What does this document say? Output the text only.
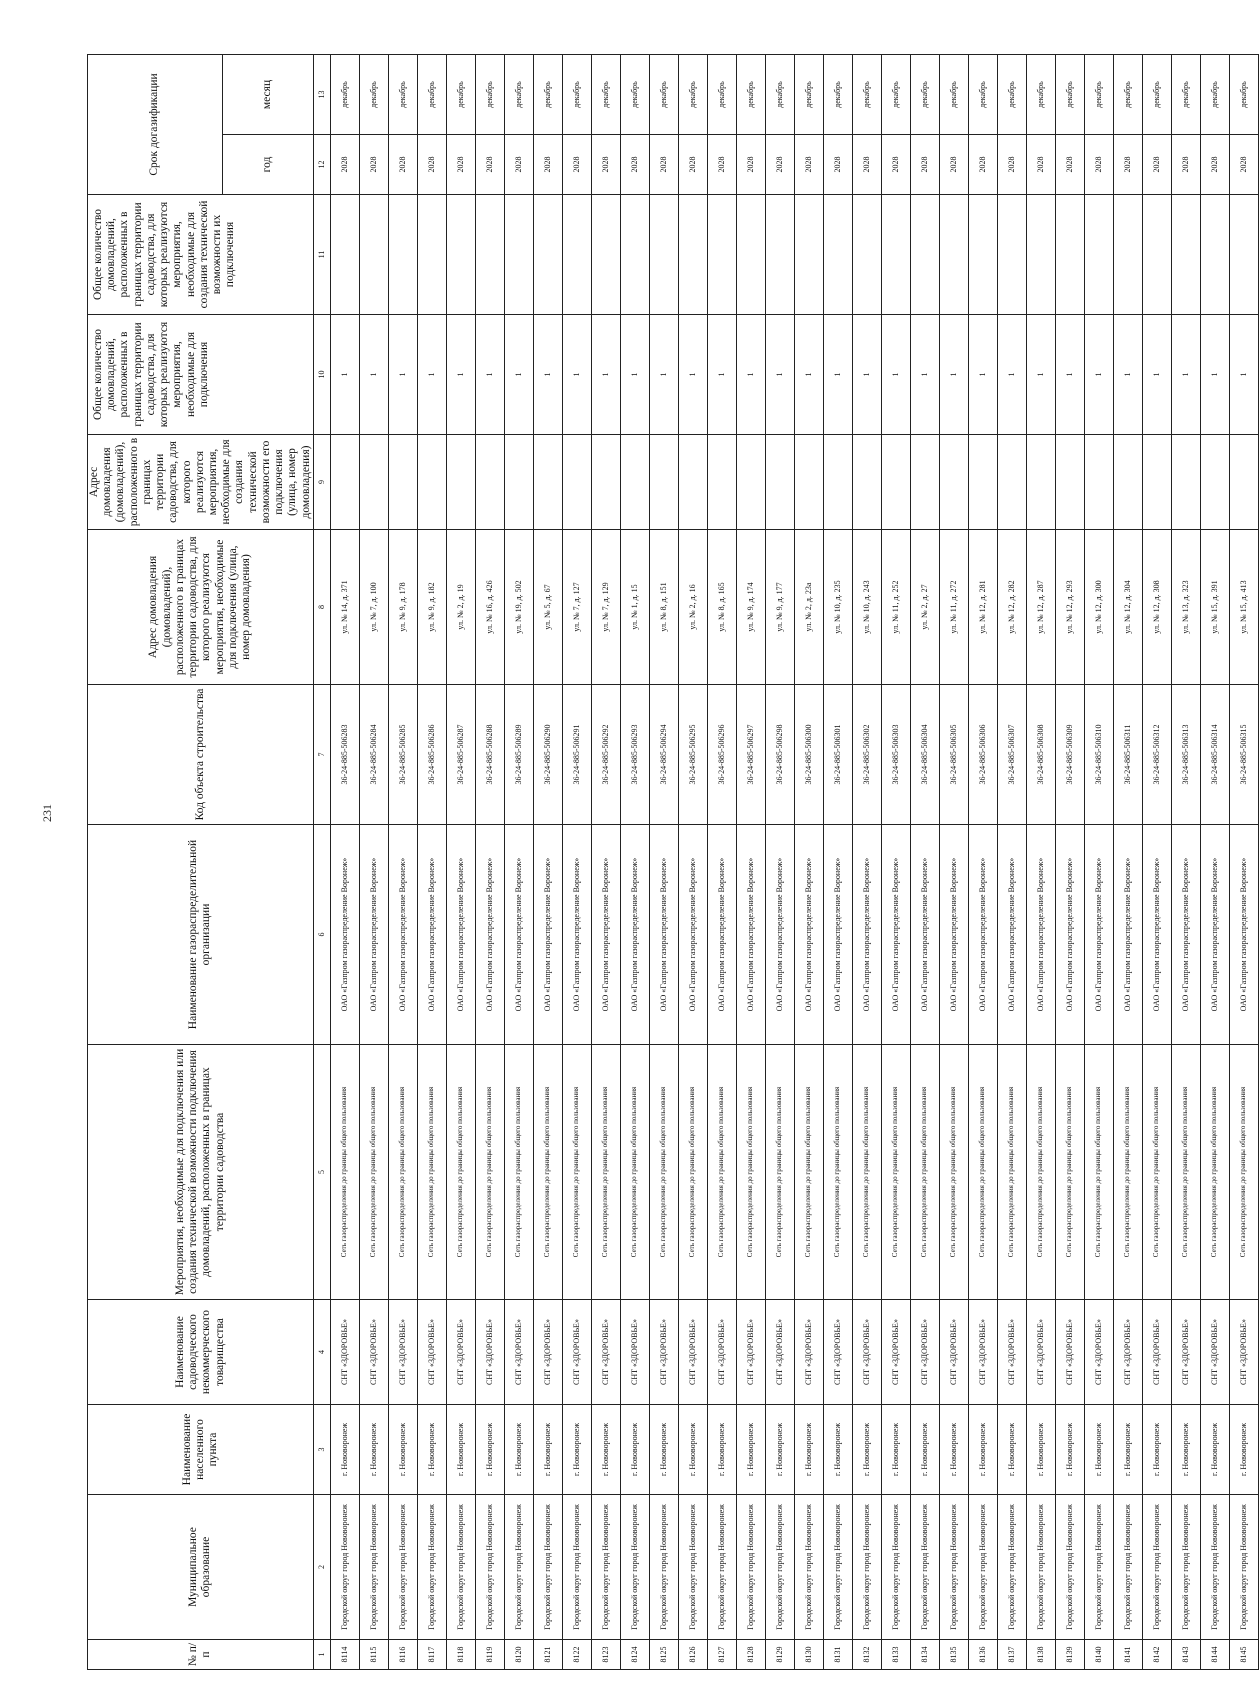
231
№ п/п	Муниципальное образование	Наименование населенного пункта	Наименование садоводческого некоммерческого товарищества	Мероприятия, необходимые для подключения или создания технической возможности подключения домовладений, расположенных в границах территории садоводства	Наименование газораспределительной организации	Код объекта строительства	Адрес домовладения (домовладений), расположенного в границах территории садоводства, для которого реализуются мероприятия, необходимые для подключения (улица, номер домовладения)	Адрес домовладения (домовладений), расположенного в границах территории садоводства, для которого реализуются мероприятия, необходимые для создания технической возможности его подключения (улица, номер домовладения)	Общее количество домовладений, расположенных в границах территории садоводства, для которых реализуются мероприятия, необходимые для подключения	Общее количество домовладений, расположенных в границах территории садоводства, для которых реализуются мероприятия, необходимые для создания технической возможности их подключения	Срок догазификации	
											год	месяц
1	2	3	4	5	6	7	8	9	10	11	12	13
8114	Городской округ город Нововоронеж	г. Нововоронеж	СНТ «ЗДОРОВЬЕ»	Сеть газораспределения до границы общего пользования	ОАО «Газпром газораспределение Воронеж»	36-24-885-506283	ул. № 14, д. 371		1		2028	декабрь
8115	Городской округ город Нововоронеж	г. Нововоронеж	СНТ «ЗДОРОВЬЕ»	Сеть газораспределения до границы общего пользования	ОАО «Газпром газораспределение Воронеж»	36-24-885-506284	ул. № 7, д. 100		1		2028	декабрь
8116	Городской округ город Нововоронеж	г. Нововоронеж	СНТ «ЗДОРОВЬЕ»	Сеть газораспределения до границы общего пользования	ОАО «Газпром газораспределение Воронеж»	36-24-885-506285	ул. № 9, д. 178		1		2028	декабрь
8117	Городской округ город Нововоронеж	г. Нововоронеж	СНТ «ЗДОРОВЬЕ»	Сеть газораспределения до границы общего пользования	ОАО «Газпром газораспределение Воронеж»	36-24-885-506286	ул. № 9, д. 182		1		2028	декабрь
8118	Городской округ город Нововоронеж	г. Нововоронеж	СНТ «ЗДОРОВЬЕ»	Сеть газораспределения до границы общего пользования	ОАО «Газпром газораспределение Воронеж»	36-24-885-506287	ул. № 2, д. 19		1		2028	декабрь
8119	Городской округ город Нововоронеж	г. Нововоронеж	СНТ «ЗДОРОВЬЕ»	Сеть газораспределения до границы общего пользования	ОАО «Газпром газораспределение Воронеж»	36-24-885-506288	ул. № 16, д. 426		1		2028	декабрь
8120	Городской округ город Нововоронеж	г. Нововоронеж	СНТ «ЗДОРОВЬЕ»	Сеть газораспределения до границы общего пользования	ОАО «Газпром газораспределение Воронеж»	36-24-885-506289	ул. № 19, д. 502		1		2028	декабрь
8121	Городской округ город Нововоронеж	г. Нововоронеж	СНТ «ЗДОРОВЬЕ»	Сеть газораспределения до границы общего пользования	ОАО «Газпром газораспределение Воронеж»	36-24-885-506290	ул. № 5, д. 67		1		2028	декабрь
8122	Городской округ город Нововоронеж	г. Нововоронеж	СНТ «ЗДОРОВЬЕ»	Сеть газораспределения до границы общего пользования	ОАО «Газпром газораспределение Воронеж»	36-24-885-506291	ул. № 7, д. 127		1		2028	декабрь
8123	Городской округ город Нововоронеж	г. Нововоронеж	СНТ «ЗДОРОВЬЕ»	Сеть газораспределения до границы общего пользования	ОАО «Газпром газораспределение Воронеж»	36-24-885-506292	ул. № 7, д. 129		1		2028	декабрь
8124	Городской округ город Нововоронеж	г. Нововоронеж	СНТ «ЗДОРОВЬЕ»	Сеть газораспределения до границы общего пользования	ОАО «Газпром газораспределение Воронеж»	36-24-885-506293	ул. № 1, д. 15		1		2028	декабрь
8125	Городской округ город Нововоронеж	г. Нововоронеж	СНТ «ЗДОРОВЬЕ»	Сеть газораспределения до границы общего пользования	ОАО «Газпром газораспределение Воронеж»	36-24-885-506294	ул. № 8, д. 151		1		2028	декабрь
8126	Городской округ город Нововоронеж	г. Нововоронеж	СНТ «ЗДОРОВЬЕ»	Сеть газораспределения до границы общего пользования	ОАО «Газпром газораспределение Воронеж»	36-24-885-506295	ул. № 2, д. 16		1		2028	декабрь
8127	Городской округ город Нововоронеж	г. Нововоронеж	СНТ «ЗДОРОВЬЕ»	Сеть газораспределения до границы общего пользования	ОАО «Газпром газораспределение Воронеж»	36-24-885-506296	ул. № 8, д. 165		1		2028	декабрь
8128	Городской округ город Нововоронеж	г. Нововоронеж	СНТ «ЗДОРОВЬЕ»	Сеть газораспределения до границы общего пользования	ОАО «Газпром газораспределение Воронеж»	36-24-885-506297	ул. № 9, д. 174		1		2028	декабрь
8129	Городской округ город Нововоронеж	г. Нововоронеж	СНТ «ЗДОРОВЬЕ»	Сеть газораспределения до границы общего пользования	ОАО «Газпром газораспределение Воронеж»	36-24-885-506298	ул. № 9, д. 177		1		2028	декабрь
8130	Городской округ город Нововоронеж	г. Нововоронеж	СНТ «ЗДОРОВЬЕ»	Сеть газораспределения до границы общего пользования	ОАО «Газпром газораспределение Воронеж»	36-24-885-506300	ул. № 2, д. 23а		1		2028	декабрь
8131	Городской округ город Нововоронеж	г. Нововоронеж	СНТ «ЗДОРОВЬЕ»	Сеть газораспределения до границы общего пользования	ОАО «Газпром газораспределение Воронеж»	36-24-885-506301	ул. № 10, д. 235		1		2028	декабрь
8132	Городской округ город Нововоронеж	г. Нововоронеж	СНТ «ЗДОРОВЬЕ»	Сеть газораспределения до границы общего пользования	ОАО «Газпром газораспределение Воронеж»	36-24-885-506302	ул. № 10, д. 243		1		2028	декабрь
8133	Городской округ город Нововоронеж	г. Нововоронеж	СНТ «ЗДОРОВЬЕ»	Сеть газораспределения до границы общего пользования	ОАО «Газпром газораспределение Воронеж»	36-24-885-506303	ул. № 11, д. 252		1		2028	декабрь
8134	Городской округ город Нововоронеж	г. Нововоронеж	СНТ «ЗДОРОВЬЕ»	Сеть газораспределения до границы общего пользования	ОАО «Газпром газораспределение Воронеж»	36-24-885-506304	ул. № 2, д. 27		1		2028	декабрь
8135	Городской округ город Нововоронеж	г. Нововоронеж	СНТ «ЗДОРОВЬЕ»	Сеть газораспределения до границы общего пользования	ОАО «Газпром газораспределение Воронеж»	36-24-885-506305	ул. № 11, д. 272		1		2028	декабрь
8136	Городской округ город Нововоронеж	г. Нововоронеж	СНТ «ЗДОРОВЬЕ»	Сеть газораспределения до границы общего пользования	ОАО «Газпром газораспределение Воронеж»	36-24-885-506306	ул. № 12, д. 281		1		2028	декабрь
8137	Городской округ город Нововоронеж	г. Нововоронеж	СНТ «ЗДОРОВЬЕ»	Сеть газораспределения до границы общего пользования	ОАО «Газпром газораспределение Воронеж»	36-24-885-506307	ул. № 12, д. 282		1		2028	декабрь
8138	Городской округ город Нововоронеж	г. Нововоронеж	СНТ «ЗДОРОВЬЕ»	Сеть газораспределения до границы общего пользования	ОАО «Газпром газораспределение Воронеж»	36-24-885-506308	ул. № 12, д. 287		1		2028	декабрь
8139	Городской округ город Нововоронеж	г. Нововоронеж	СНТ «ЗДОРОВЬЕ»	Сеть газораспределения до границы общего пользования	ОАО «Газпром газораспределение Воронеж»	36-24-885-506309	ул. № 12, д. 293		1		2028	декабрь
8140	Городской округ город Нововоронеж	г. Нововоронеж	СНТ «ЗДОРОВЬЕ»	Сеть газораспределения до границы общего пользования	ОАО «Газпром газораспределение Воронеж»	36-24-885-506310	ул. № 12, д. 300		1		2028	декабрь
8141	Городской округ город Нововоронеж	г. Нововоронеж	СНТ «ЗДОРОВЬЕ»	Сеть газораспределения до границы общего пользования	ОАО «Газпром газораспределение Воронеж»	36-24-885-506311	ул. № 12, д. 304		1		2028	декабрь
8142	Городской округ город Нововоронеж	г. Нововоронеж	СНТ «ЗДОРОВЬЕ»	Сеть газораспределения до границы общего пользования	ОАО «Газпром газораспределение Воронеж»	36-24-885-506312	ул. № 12, д. 308		1		2028	декабрь
8143	Городской округ город Нововоронеж	г. Нововоронеж	СНТ «ЗДОРОВЬЕ»	Сеть газораспределения до границы общего пользования	ОАО «Газпром газораспределение Воронеж»	36-24-885-506313	ул. № 13, д. 323		1		2028	декабрь
8144	Городской округ город Нововоронеж	г. Нововоронеж	СНТ «ЗДОРОВЬЕ»	Сеть газораспределения до границы общего пользования	ОАО «Газпром газораспределение Воронеж»	36-24-885-506314	ул. № 15, д. 391		1		2028	декабрь
8145	Городской округ город Нововоронеж	г. Нововоронеж	СНТ «ЗДОРОВЬЕ»	Сеть газораспределения до границы общего пользования	ОАО «Газпром газораспределение Воронеж»	36-24-885-506315	ул. № 15, д. 413		1		2028	декабрь
